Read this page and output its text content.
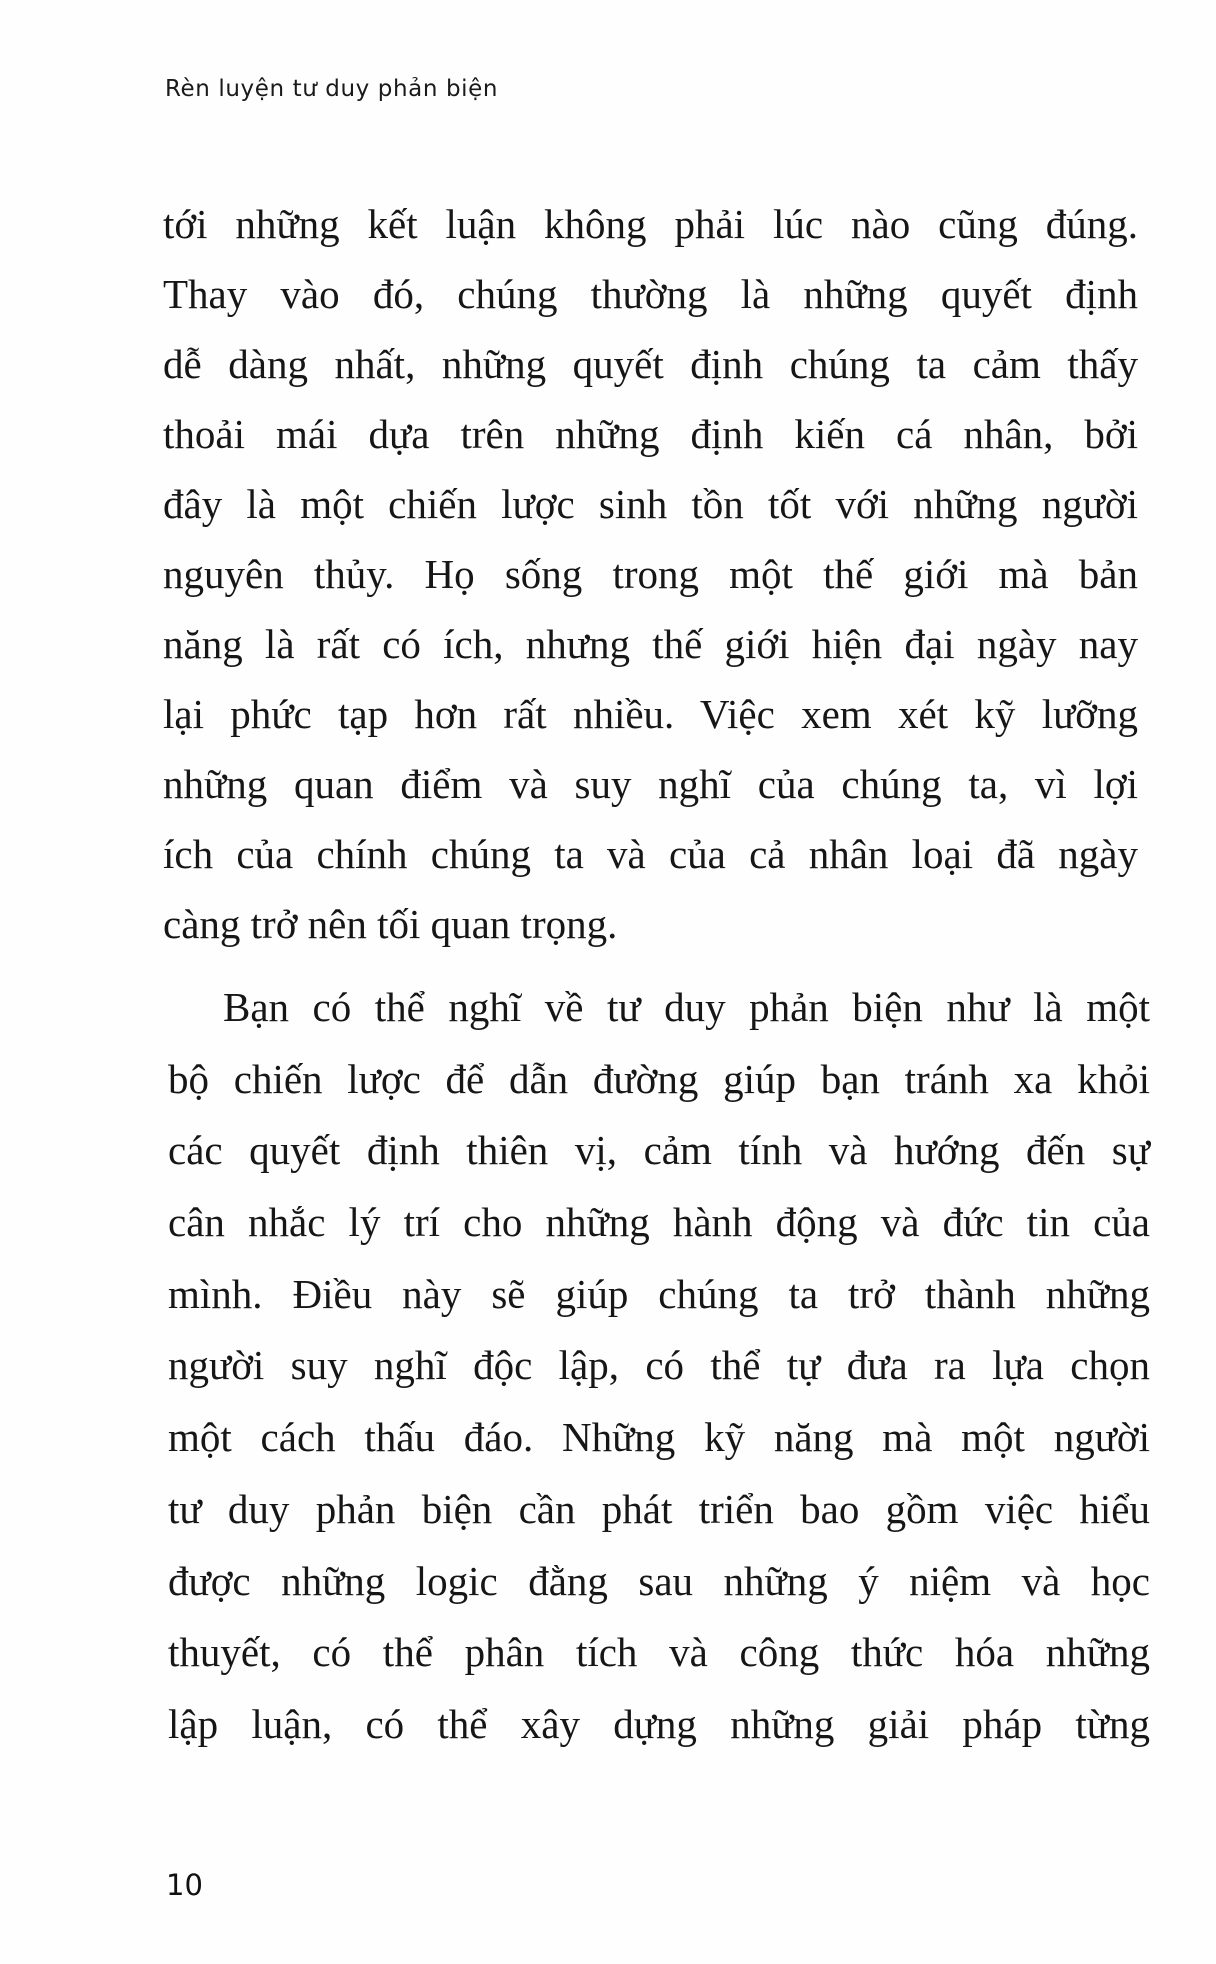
Rèn luyện tư duy phản biện
tới những kết luận không phải lúc nào cũng đúng.
Thay vào đó, chúng thường là những quyết định
dễ dàng nhất, những quyết định chúng ta cảm thấy
thoải mái dựa trên những định kiến cá nhân, bởi
đây là một chiến lược sinh tồn tốt với những người
nguyên thủy. Họ sống trong một thế giới mà bản
năng là rất có ích, nhưng thế giới hiện đại ngày nay
lại phức tạp hơn rất nhiều. Việc xem xét kỹ lưỡng
những quan điểm và suy nghĩ của chúng ta, vì lợi
ích của chính chúng ta và của cả nhân loại đã ngày
càng trở nên tối quan trọng.
Bạn có thể nghĩ về tư duy phản biện như là một
bộ chiến lược để dẫn đường giúp bạn tránh xa khỏi
các quyết định thiên vị, cảm tính và hướng đến sự
cân nhắc lý trí cho những hành động và đức tin của
mình. Điều này sẽ giúp chúng ta trở thành những
người suy nghĩ độc lập, có thể tự đưa ra lựa chọn
một cách thấu đáo. Những kỹ năng mà một người
tư duy phản biện cần phát triển bao gồm việc hiểu
được những logic đằng sau những ý niệm và học
thuyết, có thể phân tích và công thức hóa những
lập luận, có thể xây dựng những giải pháp từng
10
